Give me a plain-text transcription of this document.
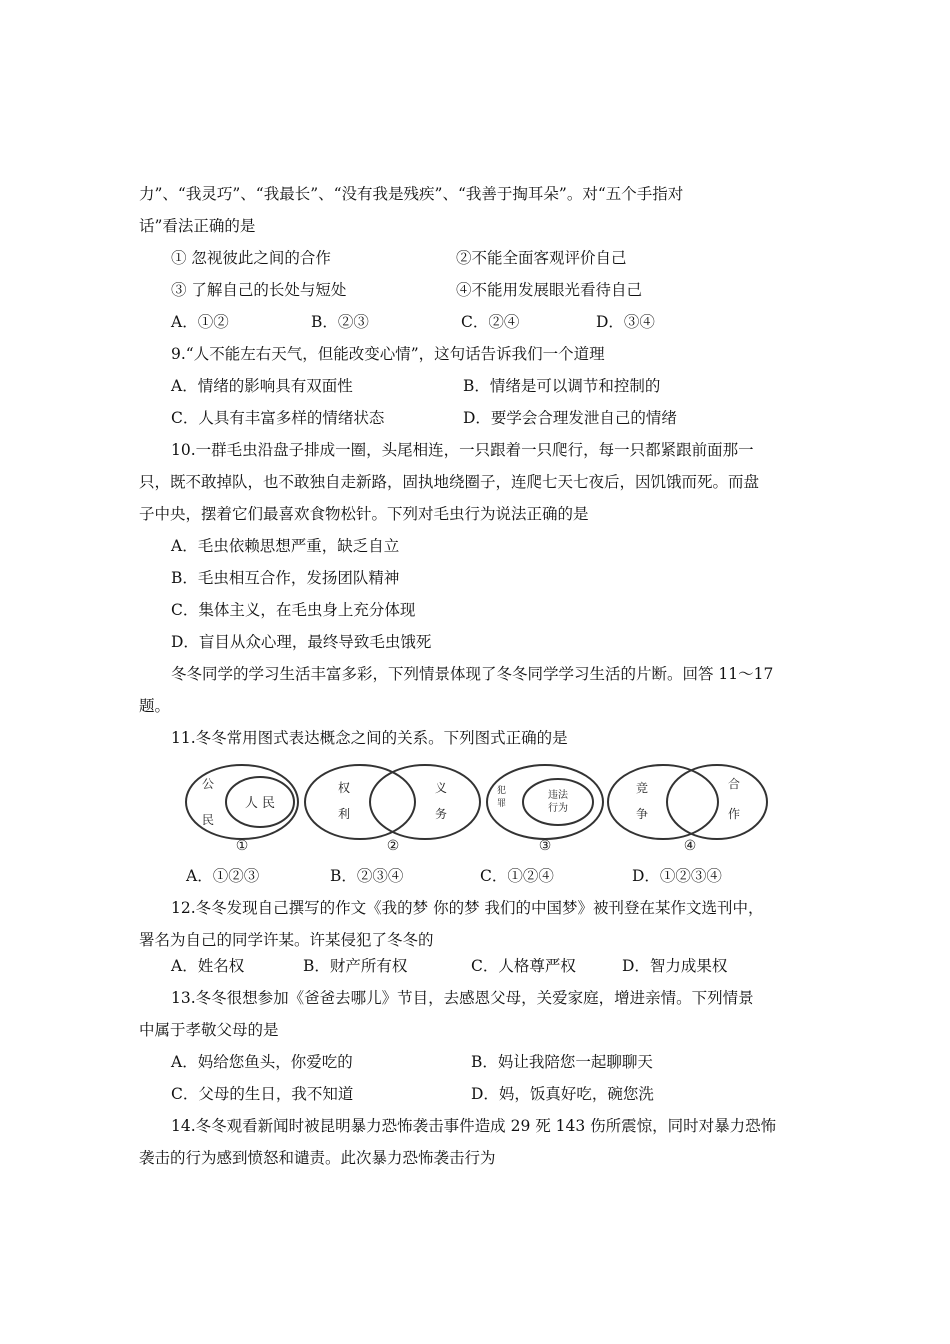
力”、“我灵巧”、“我最长”、“没有我是残疾”、“我善于掏耳朵”。对“五个手指对
话”看法正确的是
① 忽视彼此之间的合作	②不能全面客观评价自己
③ 了解自己的长处与短处	④不能用发展眼光看待自己
A．①②	B．②③	C．②④	D．③④
9.“人不能左右天气，但能改变心情”，这句话告诉我们一个道理
A．情绪的影响具有双面性	B．情绪是可以调节和控制的
C．人具有丰富多样的情绪状态	D．要学会合理发泄自己的情绪
10.一群毛虫沿盘子排成一圈，头尾相连，一只跟着一只爬行，每一只都紧跟前面那一
只，既不敢掉队，也不敢独自走新路，固执地绕圈子，连爬七天七夜后，因饥饿而死。而盘
子中央，摆着它们最喜欢食物松针。下列对毛虫行为说法正确的是
A．毛虫依赖思想严重，缺乏自立
B．毛虫相互合作，发扬团队精神
C．集体主义，在毛虫身上充分体现
D．盲目从众心理，最终导致毛虫饿死
冬冬同学的学习生活丰富多彩，下列情景体现了冬冬同学学习生活的片断。回答 11～17
题。
11.冬冬常用图式表达概念之间的关系。下列图式正确的是
公
民
人 民
①
权
利
义
务
②
犯
罪
违法
行为
③
竞
争
合
作
④
A．①②③	B．②③④	C．①②④	D．①②③④
12.冬冬发现自己撰写的作文《我的梦 你的梦 我们的中国梦》被刊登在某作文选刊中，
署名为自己的同学许某。许某侵犯了冬冬的
A．姓名权	B．财产所有权	C．人格尊严权	D．智力成果权
13.冬冬很想参加《爸爸去哪儿》节目，去感恩父母，关爱家庭，增进亲情。下列情景
中属于孝敬父母的是
A．妈给您鱼头，你爱吃的	B．妈让我陪您一起聊聊天
C．父母的生日，我不知道	D．妈，饭真好吃，碗您洗
14.冬冬观看新闻时被昆明暴力恐怖袭击事件造成 29 死 143 伤所震惊，同时对暴力恐怖
袭击的行为感到愤怒和谴责。此次暴力恐怖袭击行为
